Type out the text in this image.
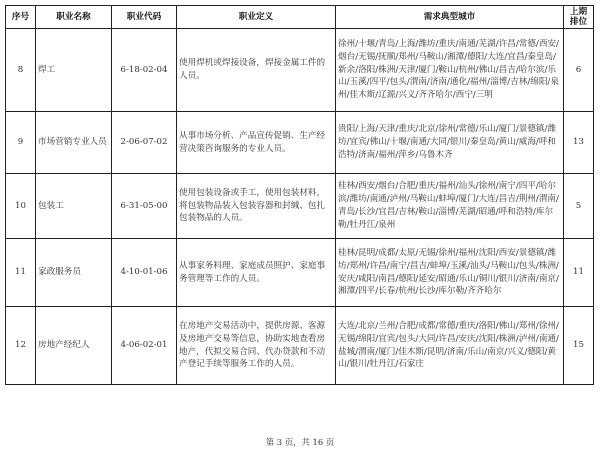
序号	职业名称	职业代码	职业定义	需求典型城市	上期排位
8	焊工	6-18-02-04	使用焊机或焊接设备，焊接金属工件的人员。	徐州/十堰/青岛/上海/潍坊/重庆/南通/芜湖/许昌/常德/西安/烟台/无锡/抚顺/郑州/马鞍山/湘潭/德阳/大连/宜昌/秦皇岛/新余/洛阳/株洲/天津/厦门/鞍山/杭州/佛山/昌吉/哈尔滨/乐山/玉溪/四平/包头/渭南/济南/通化/福州/淄博/吉林/绵阳/泉州/佳木斯/辽源/兴义/齐齐哈尔/西宁/三明	6
9	市场营销专业人员	2-06-07-02	从事市场分析、产品宣传促销、生产经营决策咨询服务的专业人员。	贵阳/上海/天津/重庆/北京/徐州/常德/乐山/厦门/景德镇/潍坊/宜宾/佛山/十堰/南通/大同/银川/秦皇岛/黄山/威海/呼和浩特/济南/福州/萍乡/乌鲁木齐	13
10	包装工	6-31-05-00	使用包装设备或手工，使用包装材料，将包装物品装入包装容器和封缄、包扎包装物品的人员。	桂林/西安/烟台/合肥/重庆/福州/汕头/徐州/南宁/四平/哈尔滨/潍坊/南通/泸州/马鞍山/蚌埠/厦门/大连/昌吉/荆州/渭南/青岛/长沙/宜昌/吉林/鞍山/淄博/芜湖/昭通/呼和浩特/库尔勒/牡丹江/泉州	5
11	家政服务员	4-10-01-06	从事家务料理、家庭成员照护、家庭事务管理等工作的人员。	桂林/昆明/成都/太原/无锡/徐州/福州/沈阳/西安/景德镇/潍坊/郑州/许昌/南宁/昌吉/蚌埠/玉溪/汕头/马鞍山/包头/株洲/安庆/咸阳/南昌/德阳/延安/昭通/乐山/铜川/银川/济南/南京/湘潭/四平/长春/杭州/长沙/库尔勒/齐齐哈尔	11
12	房地产经纪人	4-06-02-01	在房地产交易活动中，提供房源、客源及房地产交易等信息，协助实地查看房地产，代拟交易合同、代办贷款和不动产登记手续等服务工作的人员。	大连/北京/兰州/合肥/成都/常德/重庆/洛阳/佛山/郑州/徐州/无锡/绵阳/宜宾/包头/大同/许昌/安庆/沈阳/株洲/泸州/南通/盐城/渭南/厦门/佳木斯/昆明/济南/乐山/南京/兴义/德阳/黄山/银川/牡丹江/石家庄	15
第 3 页，共 16 页
